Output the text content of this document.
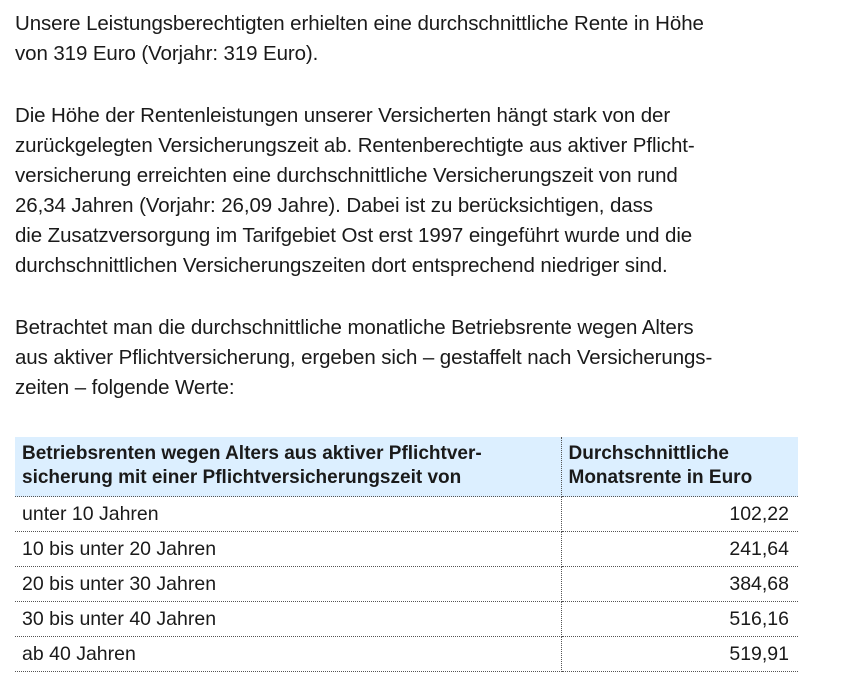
Unsere Leistungsberechtigten erhielten eine durchschnittliche Rente in Höhe
von 319 Euro (Vorjahr: 319 Euro).
Die Höhe der Rentenleistungen unserer Versicherten hängt stark von der
zurückgelegten Versicherungszeit ab. Rentenberechtigte aus aktiver Pflicht-
versicherung erreichten eine durchschnittliche Versicherungszeit von rund
26,34 Jahren (Vorjahr: 26,09 Jahre). Dabei ist zu berücksichtigen, dass
die Zusatzversorgung im Tarifgebiet Ost erst 1997 eingeführt wurde und die
durchschnittlichen Versicherungszeiten dort entsprechend niedriger sind.
Betrachtet man die durchschnittliche monatliche Betriebsrente wegen Alters
aus aktiver Pflichtversicherung, ergeben sich – gestaffelt nach Versicherungs-
zeiten – folgende Werte:
Betriebsrenten wegen Alters aus aktiver Pflichtver-
sicherung mit einer Pflichtversicherungszeit von	Durchschnittliche
Monatsrente in Euro

unter 10 Jahren	102,22
10 bis unter 20 Jahren	241,64
20 bis unter 30 Jahren	384,68
30 bis unter 40 Jahren	516,16
ab 40 Jahren	519,91
